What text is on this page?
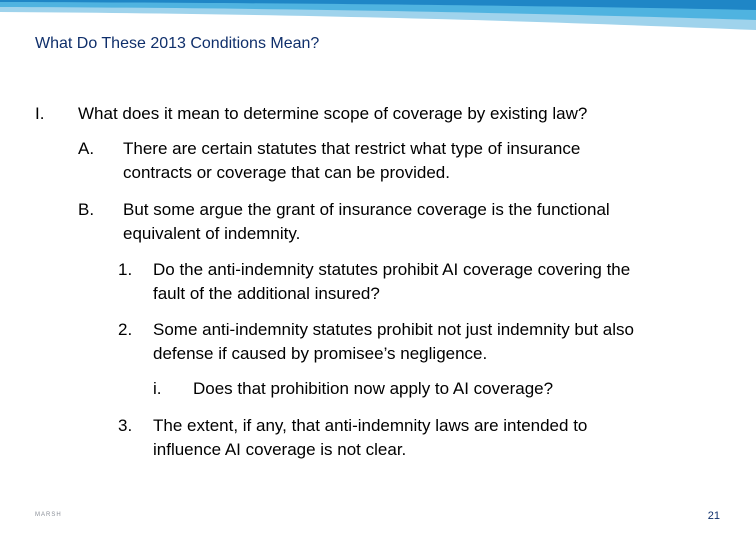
What Do These 2013 Conditions Mean?
I. What does it mean to determine scope of coverage by existing law?
A. There are certain statutes that restrict what type of insurance
contracts or coverage that can be provided.
B. But some argue the grant of insurance coverage is the functional
equivalent of indemnity.
1. Do the anti-indemnity statutes prohibit AI coverage covering the
fault of the additional insured?
2. Some anti-indemnity statutes prohibit not just indemnity but also
defense if caused by promisee’s negligence.
i. Does that prohibition now apply to AI coverage?
3. The extent, if any, that anti-indemnity laws are intended to
influence AI coverage is not clear.
MARSH	21
